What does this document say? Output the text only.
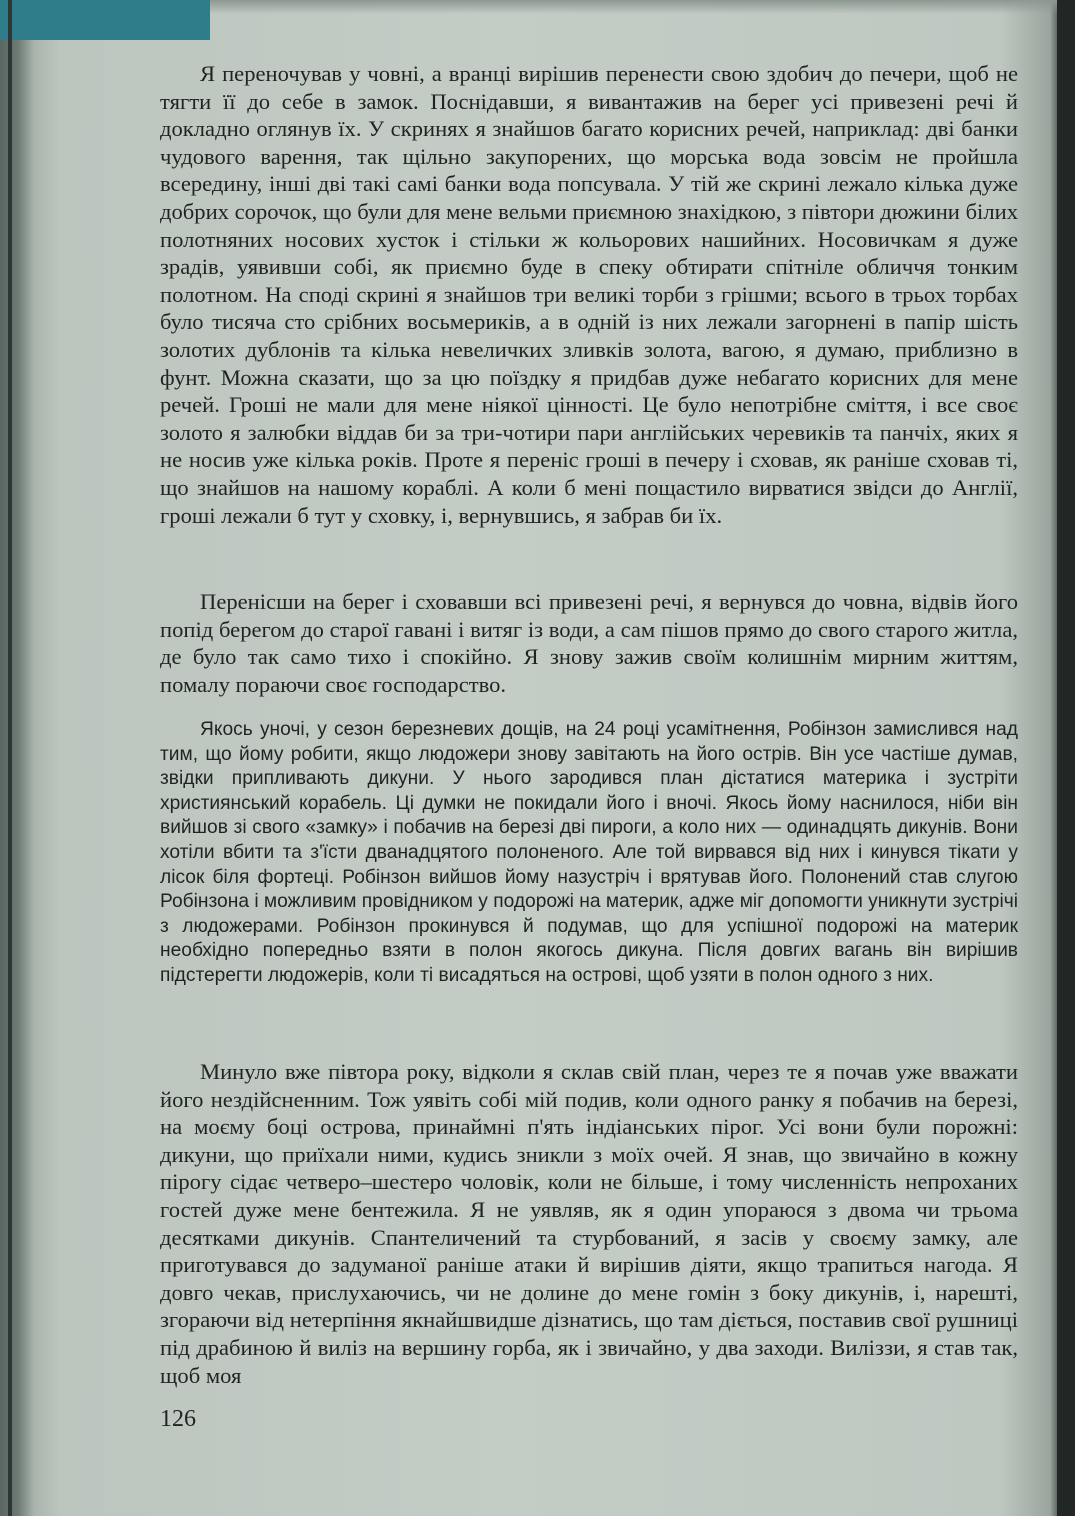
Я переночував у човні, а вранці вирішив перенести свою здобич до печери, щоб не тягти її до себе в замок. Поснідавши, я вивантажив на берег усі привезені речі й докладно оглянув їх. У скринях я знайшов багато корисних речей, наприклад: дві банки чудового варення, так щільно закупорених, що морська вода зовсім не пройшла всередину, інші дві такі самі банки вода попсувала. У тій же скрині лежало кілька дуже добрих сорочок, що були для мене вельми приємною знахідкою, з півтори дюжини білих полотняних носових хусток і стільки ж кольорових нашийних. Носовичкам я дуже зрадів, уявивши собі, як приємно буде в спеку обтирати спітніле обличчя тонким полотном. На споді скрині я знайшов три великі торби з грішми; всього в трьох торбах було тисяча сто срібних восьмериків, а в одній із них лежали загорнені в папір шість золотих дублонів та кілька невеличких зливків золота, вагою, я думаю, приблизно в фунт. Можна сказати, що за цю поїздку я придбав дуже небагато корисних для мене речей. Гроші не мали для мене ніякої цінності. Це було непотрібне сміття, і все своє золото я залюбки віддав би за три-чотири пари англійських черевиків та панчіх, яких я не носив уже кілька років. Проте я переніс гроші в печеру і сховав, як раніше сховав ті, що знайшов на нашому кораблі. А коли б мені пощастило вирватися звідси до Англії, гроші лежали б тут у сховку, і, вернувшись, я забрав би їх.

Перенісши на берег і сховавши всі привезені речі, я вернувся до човна, відвів його попід берегом до старої гавані і витяг із води, а сам пішов прямо до свого старого житла, де було так само тихо і спокійно. Я знову зажив своїм колишнім мирним життям, помалу пораючи своє господарство.

Якось уночі, у сезон березневих дощів, на 24 році усамітнення, Робінзон замислився над тим, що йому робити, якщо людожери знову завітають на його острів. Він усе частіше думав, звідки припливають дикуни. У нього зародився план дістатися материка і зустріти християнський корабель. Ці думки не покидали його і вночі. Якось йому наснилося, ніби він вийшов зі свого «замку» і побачив на березі дві пироги, а коло них — одинадцять дикунів. Вони хотіли вбити та з'їсти дванадцятого полоненого. Але той вирвався від них і кинувся тікати у лісок біля фортеці. Робінзон вийшов йому назустріч і врятував його. Полонений став слугою Робінзона і можливим провідником у подорожі на материк, адже міг допомогти уникнути зустрічі з людожерами. Робінзон прокинувся й подумав, що для успішної подорожі на материк необхідно попередньо взяти в полон якогось дикуна. Після довгих вагань він вирішив підстерегти людожерів, коли ті висадяться на острові, щоб узяти в полон одного з них.

Минуло вже півтора року, відколи я склав свій план, через те я почав уже вважати його нездійсненним. Тож уявіть собі мій подив, коли одного ранку я побачив на березі, на моєму боці острова, принаймні п'ять індіанських пірог. Усі вони були порожні: дикуни, що приїхали ними, кудись зникли з моїх очей. Я знав, що звичайно в кожну пірогу сідає четверо–шестеро чоловік, коли не більше, і тому численність непроханих гостей дуже мене бентежила. Я не уявляв, як я один упораюся з двома чи трьома десятками дикунів. Спантеличений та стурбований, я засів у своєму замку, але приготувався до задуманої раніше атаки й вирішив діяти, якщо трапиться нагода. Я довго чекав, прислухаючись, чи не долине до мене гомін з боку дикунів, і, нарешті, згораючи від нетерпіння якнайшвидше дізнатись, що там діється, поставив свої рушниці під драбиною й виліз на вершину горба, як і звичайно, у два заходи. Виліззи, я став так, щоб моя

126
